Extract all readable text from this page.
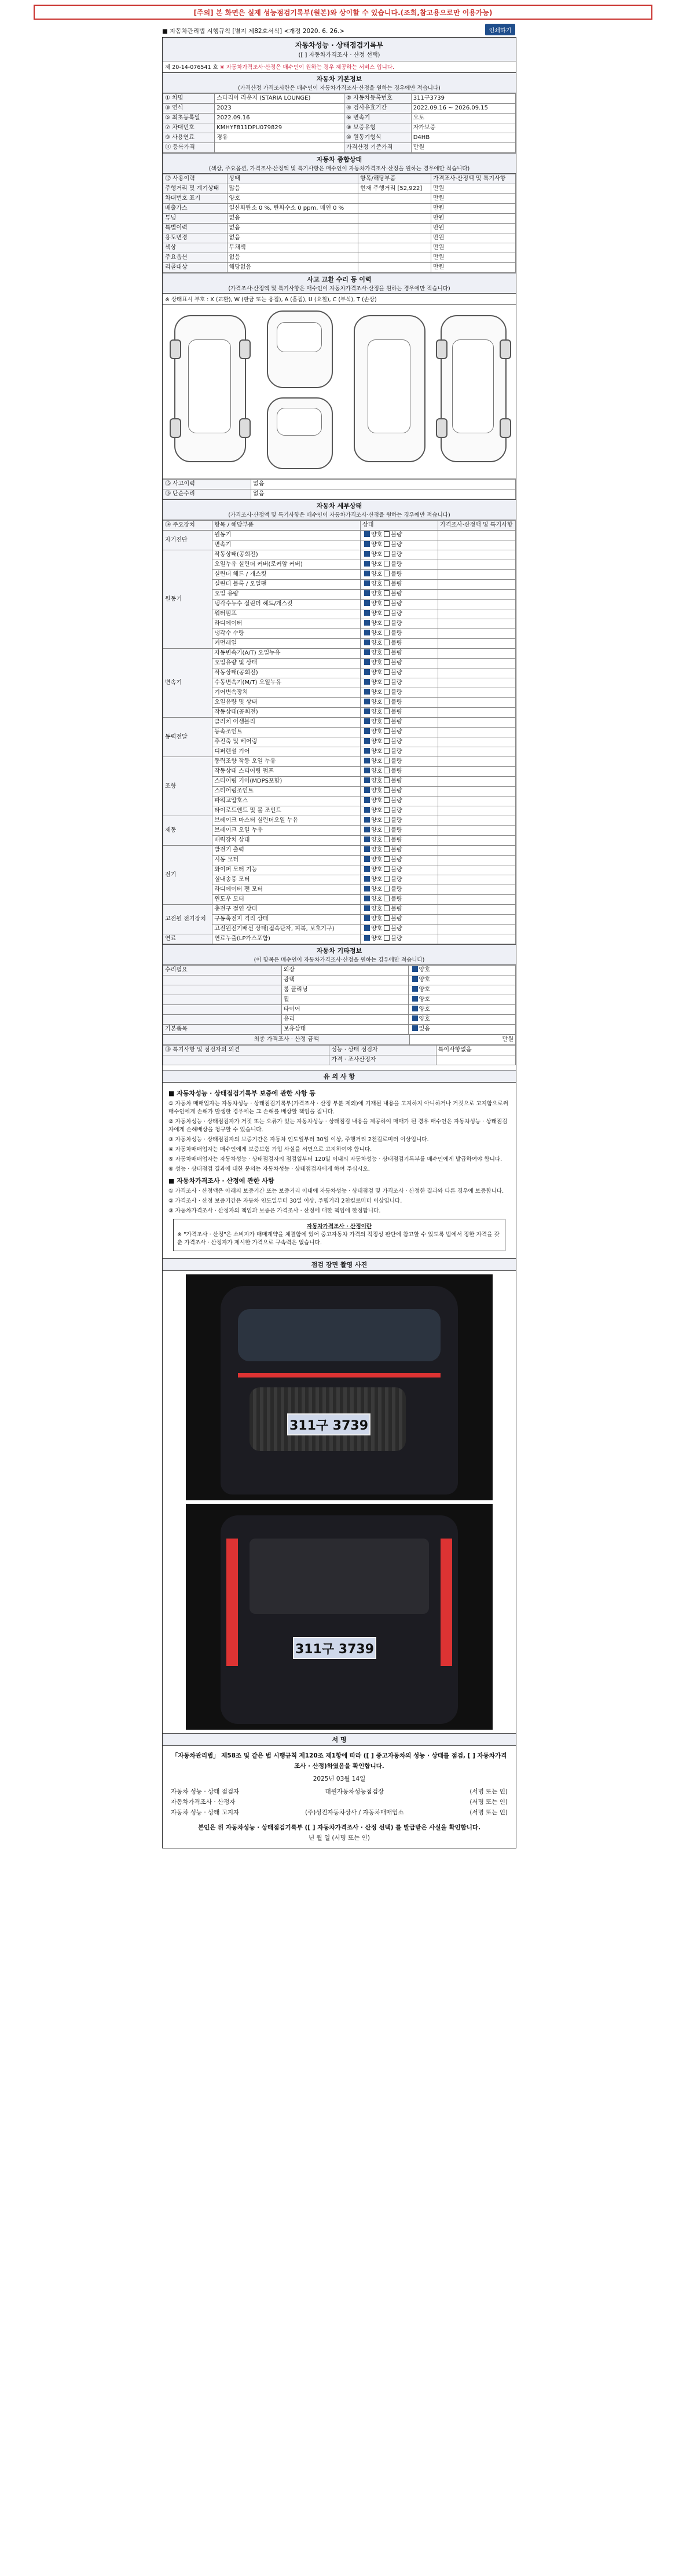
[주의] 본 화면은 실제 성능점검기록부(원본)와 상이할 수 있습니다.(조회,참고용으로만 이용가능)
■ 자동차관리법 시행규칙 [별지 제82호서식] <개정 2020. 6. 26.>	인쇄하기
자동차성능 · 상태점검기록부
([ ] 자동차가격조사 · 산정 선택)
제 20-14-076541 호 ※ 자동차가격조사·산정은 매수인이 원하는 경우 제공하는 서비스 입니다.
자동차 기본정보
(가격산정 가격조사란은 매수인이 자동차가격조사·산정을 원하는 경우에만 적습니다)
① 차명	스타리아 라운지 (STARIA LOUNGE)	② 자동차등록번호	311구3739
③ 연식	2023	④ 검사유효기간	2022.09.16 ~ 2026.09.15
⑤ 최초등록일	2022.09.16	⑥ 변속기	오토
⑦ 차대번호	KMHYF811DPU079829	⑧ 보증유형	자가보증
⑨ 사용연료	경유	⑩ 원동기형식	D4HB
⑪ 등록가격		가격산정 기준가격	만원
자동차 종합상태
(색상, 주요옵션, 가격조사·산정액 및 특기사항은 매수인이 자동차가격조사·산정을 원하는 경우에만 적습니다)
⑫ 사용이력	상태	항목/해당부품	가격조사·산정액 및 특기사항
주행거리 및 계기상태	많음	현재 주행거리 [52,922]	만원
차대번호 표기	양호		만원
배출가스	일산화탄소 0 %, 탄화수소 0 ppm, 매연 0 %		만원
튜닝	없음		만원
특별이력	없음		만원
용도변경	없음		만원
색상	무채색		만원
주요옵션	없음		만원
리콜대상	해당없음		만원
사고 교환 수리 등 이력
(가격조사·산정액 및 특기사항은 매수인이 자동차가격조사·산정을 원하는 경우에만 적습니다)
※ 상태표시 부호 : X (교환), W (판금 또는 용접), A (흠집), U (요철), C (부식), T (손상)
⑮ 사고이력	없음
⑯ 단순수리	없음
자동차 세부상태
(가격조사·산정액 및 특기사항은 매수인이 자동차가격조사·산정을 원하는 경우에만 적습니다)
⑭ 주요장치	항목 / 해당부품	상태	가격조사·산정액 및 특기사항
자기진단	원동기	양호 불량	
	변속기	양호 불량	
원동기	작동상태(공회전)	양호 불량	
	오일누유 실린더 커버(로커암 커버)	양호 불량	
	실린더 헤드 / 개스킷	양호 불량	
	실린더 블록 / 오일팬	양호 불량	
	오일 유량	양호 불량	
	냉각수누수 실린더 헤드/개스킷	양호 불량	
	워터펌프	양호 불량	
	라디에이터	양호 불량	
	냉각수 수량	양호 불량	
	커먼레일	양호 불량	
변속기	자동변속기(A/T) 오일누유	양호 불량	
	오일유량 및 상태	양호 불량	
	작동상태(공회전)	양호 불량	
	수동변속기(M/T) 오일누유	양호 불량	
	기어변속장치	양호 불량	
	오일유량 및 상태	양호 불량	
	작동상태(공회전)	양호 불량	
동력전달	클러치 어셈블리	양호 불량	
	등속조인트	양호 불량	
	추진축 및 베어링	양호 불량	
	디퍼렌셜 기어	양호 불량	
조향	동력조향 작동 오일 누유	양호 불량	
	작동상태 스티어링 펌프	양호 불량	
	스티어링 기어(MDPS포함)	양호 불량	
	스티어링조인트	양호 불량	
	파워고압호스	양호 불량	
	타이로드엔드 및 볼 조인트	양호 불량	
제동	브레이크 마스터 실린더오일 누유	양호 불량	
	브레이크 오일 누유	양호 불량	
	배력장치 상태	양호 불량	
전기	발전기 출력	양호 불량	
	시동 모터	양호 불량	
	와이퍼 모터 기능	양호 불량	
	실내송풍 모터	양호 불량	
	라디에이터 팬 모터	양호 불량	
	윈도우 모터	양호 불량	
고전원 전기장치	충전구 절연 상태	양호 불량	
	구동축전지 격리 상태	양호 불량	
	고전원전기배선 상태(접속단자, 피복, 보호기구)	양호 불량	
연료	연료누출(LP가스포함)	양호 불량	
자동차 기타정보
(이 항목은 매수인이 자동차가격조사·산정을 원하는 경우에만 적습니다)
수리필요	외장	양호
	광택	양호
	룸 클리닝	양호
	휠	양호
	타이어	양호
	유리	양호
기본품목	보유상태	있음
최종 가격조사 · 산정 금액	만원
⑱ 특기사항 및 점검자의 의견	성능 · 상태 점검자	특이사항없음
	가격 · 조사산정자	
유 의 사 항
■ 자동차성능 · 상태점검기록부 보증에 관한 사항 등

① 자동차 매매업자는 자동차성능 · 상태점검기록부(가격조사 · 산정 부분 제외)에 기재된 내용을 고지하지 아니하거나 거짓으로 고지함으로써 매수인에게 손해가 발생한 경우에는 그 손해를 배상할 책임을 집니다.

② 자동차성능 · 상태점검자가 거짓 또는 오류가 있는 자동차성능 · 상태점검 내용을 제공하여 매매가 된 경우 매수인은 자동차성능 · 상태점검자에게 손해배상을 청구할 수 있습니다.

③ 자동차성능 · 상태점검자의 보증기간은 자동차 인도일부터 30일 이상, 주행거리 2천킬로미터 이상입니다.

④ 자동차매매업자는 매수인에게 보증보험 가입 사실을 서면으로 고지하여야 합니다.

⑤ 자동차매매업자는 자동차성능 · 상태점검자의 점검일부터 120일 이내의 자동차성능 · 상태점검기록부를 매수인에게 발급하여야 합니다.

⑥ 성능 · 상태점검 결과에 대한 문의는 자동차성능 · 상태점검자에게 하여 주십시오.

■ 자동차가격조사 · 산정에 관한 사항

① 가격조사 · 산정액은 아래의 보증기간 또는 보증거리 이내에 자동차성능 · 상태점검 및 가격조사 · 산정한 결과와 다른 경우에 보증합니다.

② 가격조사 · 산정 보증기간은 자동차 인도일부터 30일 이상, 주행거리 2천킬로미터 이상입니다.

③ 자동차가격조사 · 산정자의 책임과 보증은 가격조사 · 산정에 대한 책임에 한정합니다.

자동차가격조사 · 산정이란
※ "가격조사 · 산정"은 소비자가 매매계약을 체결함에 있어 중고자동차 가격의 적정성 판단에 참고할 수 있도록 법에서 정한 자격을 갖춘 가격조사 · 산정자가 제시한 가격으로 구속력은 없습니다.
점검 장면 촬영 사진
311구 3739
311구 3739
서 명
「자동차관리법」 제58조 및 같은 법 시행규칙 제120조 제1항에 따라 ([ ] 중고자동차의 성능 · 상태를 점검, [ ] 자동차가격조사 · 산정)하였음을 확인합니다.
2025년 03월 14일
자동차 성능 · 상태 점검자	대원자동차성능점검장	(서명 또는 인)
자동차가격조사 · 산정자	(서명 또는 인)
자동차 성능 · 상태 고지자	(주)성진자동차상사 / 자동차매매업소	(서명 또는 인)
본인은 위 자동차성능 · 상태점검기록부 ([ ] 자동차가격조사 · 산정 선택) 를 발급받은 사실을 확인합니다.
년 월 일 (서명 또는 인)
